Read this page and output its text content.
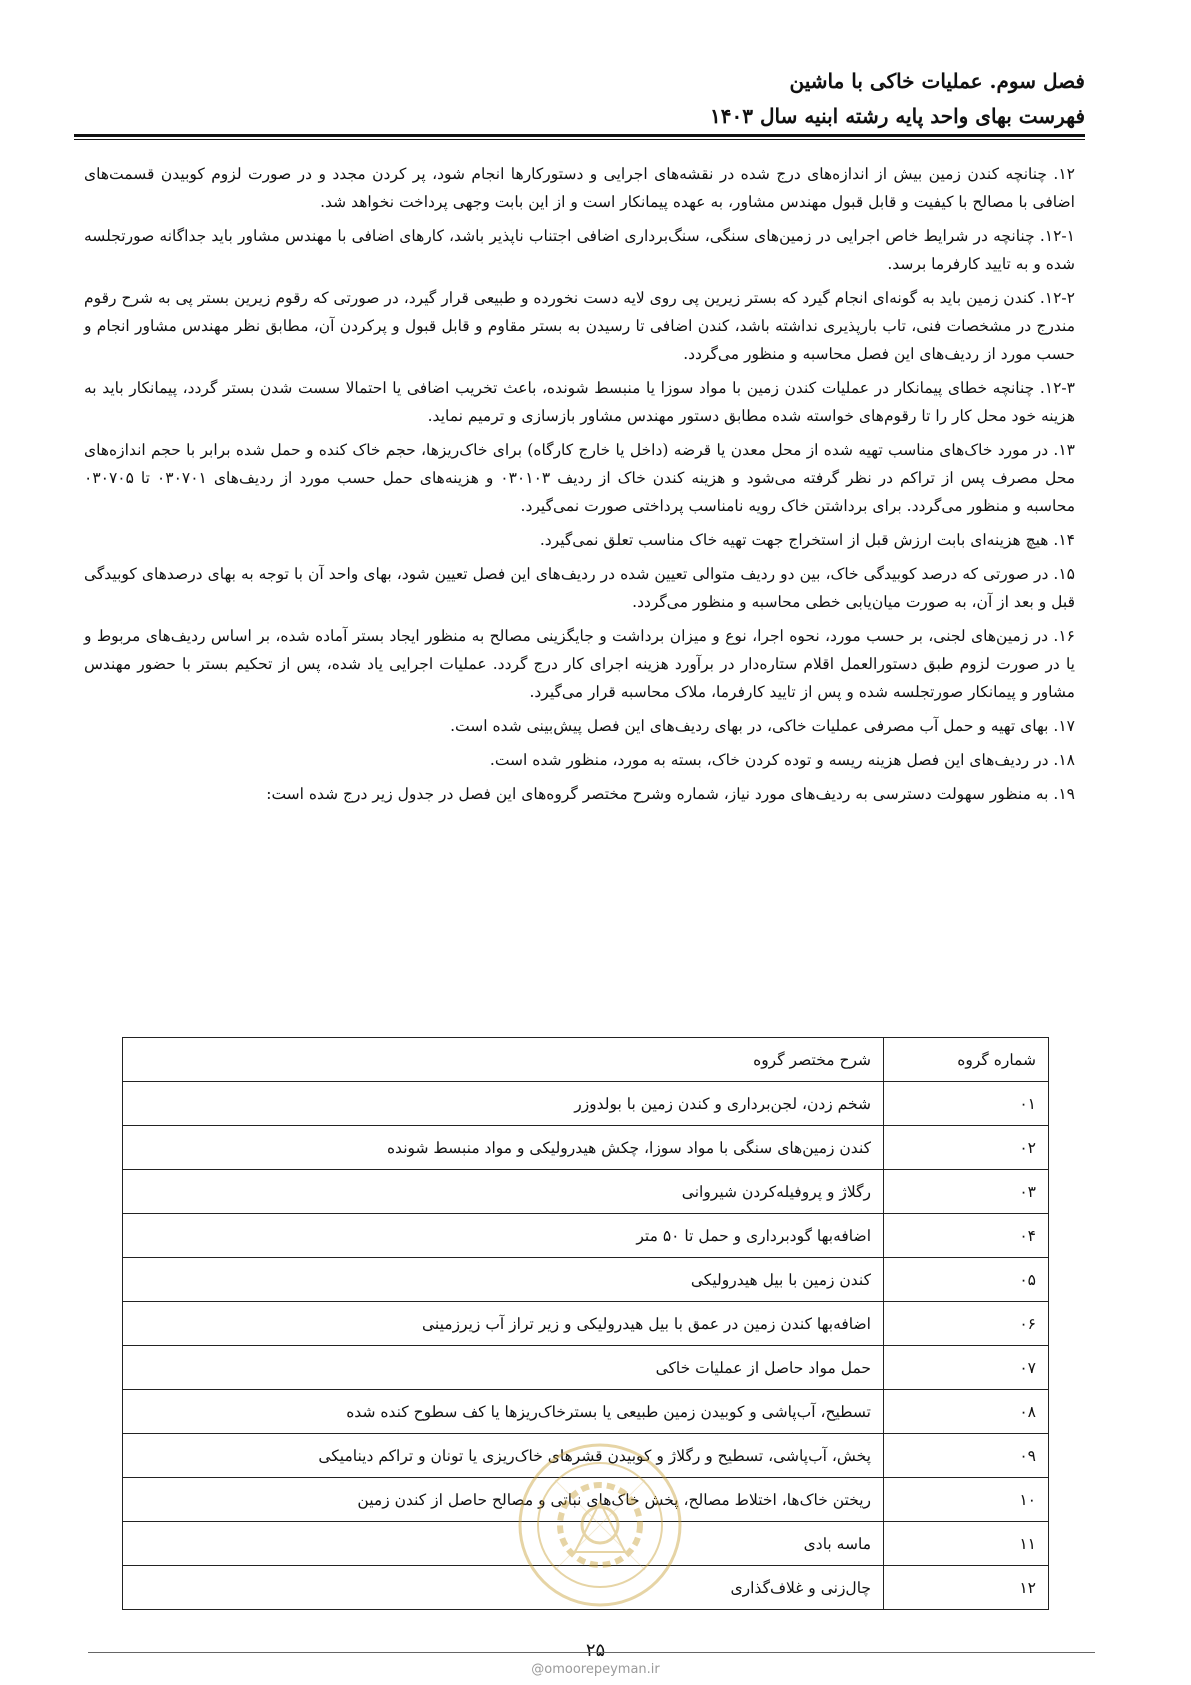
فصل سوم. عملیات خاکی با ماشین
فهرست بهای واحد پایه رشته ابنیه سال ۱۴۰۳

۱۲. چنانچه کندن زمین بیش از اندازه‌های درج شده در نقشه‌های اجرایی و دستورکارها انجام شود، پر کردن مجدد و در صورت لزوم کوبیدن قسمت‌های اضافی با مصالح با کیفیت و قابل قبول مهندس مشاور، به عهده پیمانکار است و از این بابت وجهی پرداخت نخواهد شد.

۱۲-۱. چنانچه در شرایط خاص اجرایی در زمین‌های سنگی، سنگ‌برداری اضافی اجتناب ناپذیر باشد، کارهای اضافی با مهندس مشاور باید جداگانه صورتجلسه شده و به تایید کارفرما برسد.

۱۲-۲. کندن زمین باید به گونه‌ای انجام گیرد که بستر زیرین پی روی لایه دست نخورده و طبیعی قرار گیرد، در صورتی که رقوم زیرین بستر پی به شرح رقوم مندرج در مشخصات فنی، تاب بارپذیری نداشته باشد، کندن اضافی تا رسیدن به بستر مقاوم و قابل قبول و پرکردن آن، مطابق نظر مهندس مشاور انجام و حسب مورد از ردیف‌های این فصل محاسبه و منظور می‌گردد.

۱۲-۳. چنانچه خطای پیمانکار در عملیات کندن زمین با مواد سوزا یا منبسط شونده، باعث تخریب اضافی یا احتمالا سست شدن بستر گردد، پیمانکار باید به هزینه خود محل کار را تا رقوم‌های خواسته شده مطابق دستور مهندس مشاور بازسازی و ترمیم نماید.

۱۳. در مورد خاک‌های مناسب تهیه شده از محل معدن یا قرضه (داخل یا خارج کارگاه) برای خاک‌ریزها، حجم خاک کنده و حمل شده برابر با حجم اندازه‌های محل مصرف پس از تراکم در نظر گرفته می‌شود و هزینه کندن خاک از ردیف ۰۳۰۱۰۳ و هزینه‌های حمل حسب مورد از ردیف‌های ۰۳۰۷۰۱ تا ۰۳۰۷۰۵ محاسبه و منظور می‌گردد. برای برداشتن خاک رویه نامناسب پرداختی صورت نمی‌گیرد.

۱۴. هیچ هزینه‌ای بابت ارزش قبل از استخراج جهت تهیه خاک مناسب تعلق نمی‌گیرد.

۱۵. در صورتی که درصد کوبیدگی خاک، بین دو ردیف متوالی تعیین شده در ردیف‌های این فصل تعیین شود، بهای واحد آن با توجه به بهای درصدهای کوبیدگی قبل و بعد از آن، به صورت میان‌یابی خطی محاسبه و منظور می‌گردد.

۱۶. در زمین‌های لجنی، بر حسب مورد، نحوه اجرا، نوع و میزان برداشت و جایگزینی مصالح به منظور ایجاد بستر آماده شده، بر اساس ردیف‌های مربوط و یا در صورت لزوم طبق دستورالعمل اقلام ستاره‌دار در برآورد هزینه اجرای کار درج گردد. عملیات اجرایی یاد شده، پس از تحکیم بستر با حضور مهندس مشاور و پیمانکار صورتجلسه شده و پس از تایید کارفرما، ملاک محاسبه قرار می‌گیرد.

۱۷. بهای تهیه و حمل آب مصرفی عملیات خاکی، در بهای ردیف‌های این فصل پیش‌بینی شده است.

۱۸. در ردیف‌های این فصل هزینه ریسه و توده کردن خاک، بسته به مورد، منظور شده است.

۱۹. به منظور سهولت دسترسی به ردیف‌های مورد نیاز، شماره وشرح مختصر گروه‌های این فصل در جدول زیر درج شده است:

شماره گروه	شرح مختصر گروه
۰۱	شخم زدن، لجن‌برداری و کندن زمین با بولدوزر
۰۲	کندن زمین‌های سنگی با مواد سوزا، چکش هیدرولیکی و مواد منبسط شونده
۰۳	رگلاژ و پروفیله‌کردن شیروانی
۰۴	اضافه‌بها گودبرداری و حمل تا ۵۰ متر
۰۵	کندن زمین با بیل هیدرولیکی
۰۶	اضافه‌بها کندن زمین در عمق با بیل هیدرولیکی و زیر تراز آب زیرزمینی
۰۷	حمل مواد حاصل از عملیات خاکی
۰۸	تسطیح، آب‌پاشی و کوبیدن زمین طبیعی یا بسترخاک‌ریزها یا کف سطوح کنده شده
۰۹	پخش، آب‌پاشی، تسطیح و رگلاژ و کوبیدن قشرهای خاک‌ریزی یا تونان و تراکم دینامیکی
۱۰	ریختن خاک‌ها، اختلاط مصالح، پخش خاک‌های نباتی و مصالح حاصل از کندن زمین
۱۱	ماسه بادی
۱۲	چال‌زنی و غلاف‌گذاری
۲۵
@omoorepeyman.ir
